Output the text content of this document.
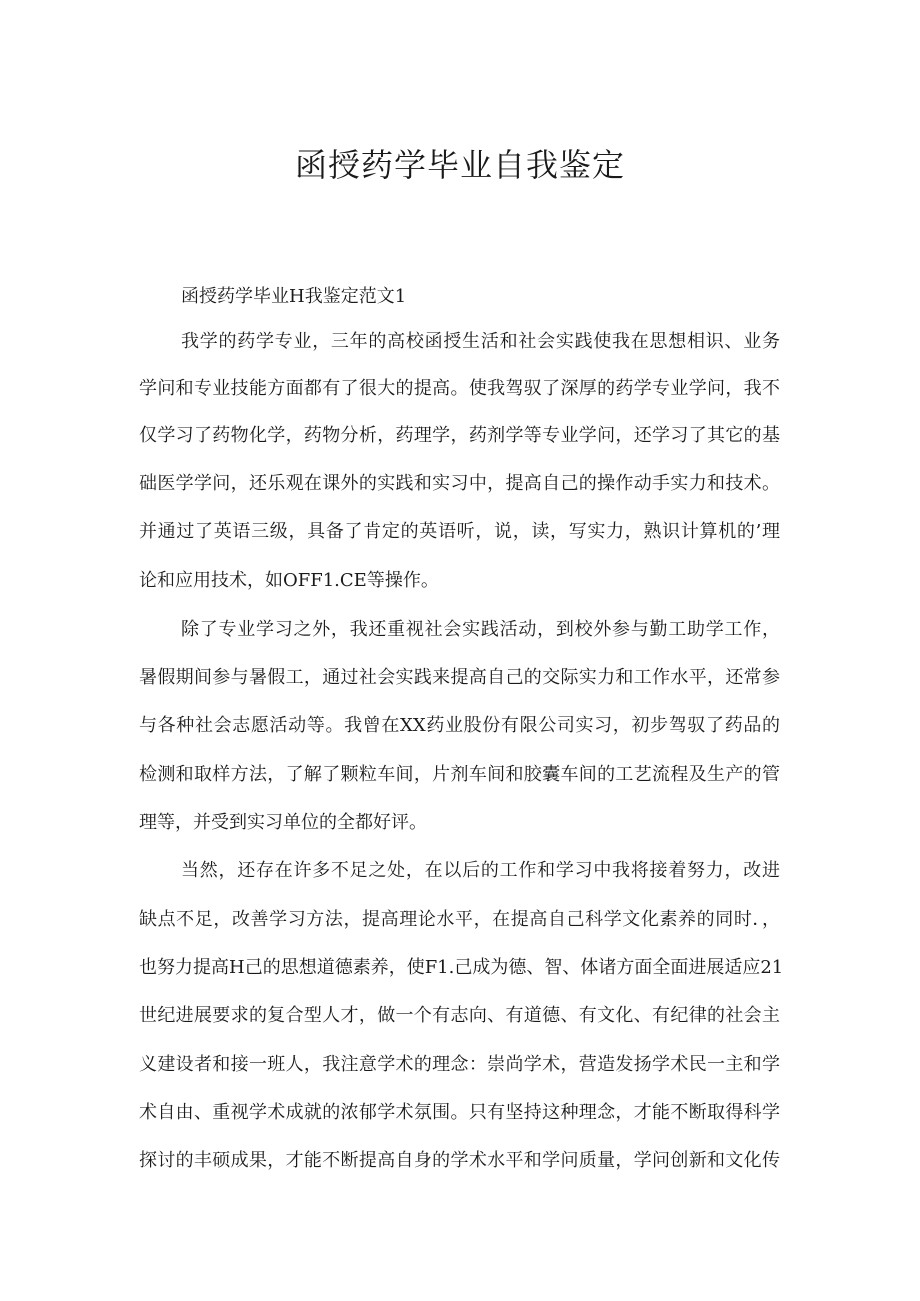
函授药学毕业自我鉴定

函授药学毕业H我鉴定范文1

我学的药学专业，三年的高校函授生活和社会实践使我在思想相识、业务

学问和专业技能方面都有了很大的提高。使我驾驭了深厚的药学专业学问，我不

仅学习了药物化学，药物分析，药理学，药剂学等专业学问，还学习了其它的基

础医学学问，还乐观在课外的实践和实习中，提高自己的操作动手实力和技术。

并通过了英语三级，具备了肯定的英语听，说，读，写实力，熟识计算机的’理

论和应用技术，如OFF1.CE等操作。

除了专业学习之外，我还重视社会实践活动，到校外参与勤工助学工作，

暑假期间参与暑假工，通过社会实践来提高自己的交际实力和工作水平，还常参

与各种社会志愿活动等。我曾在XX药业股份有限公司实习，初步驾驭了药品的

检测和取样方法，了解了颗粒车间，片剂车间和胶囊车间的工艺流程及生产的管

理等，并受到实习单位的全都好评。

当然，还存在许多不足之处，在以后的工作和学习中我将接着努力，改进

缺点不足，改善学习方法，提高理论水平，在提高自己科学文化素养的同时．，

也努力提高H己的思想道德素养，使F1.己成为德、智、体诸方面全面进展适应21

世纪进展要求的复合型人才，做一个有志向、有道德、有文化、有纪律的社会主

义建设者和接一班人，我注意学术的理念：崇尚学术，营造发扬学术民一主和学

术自由、重视学术成就的浓郁学术氛围。只有坚持这种理念，才能不断取得科学

探讨的丰硕成果，才能不断提高自身的学术水平和学问质量，学问创新和文化传
